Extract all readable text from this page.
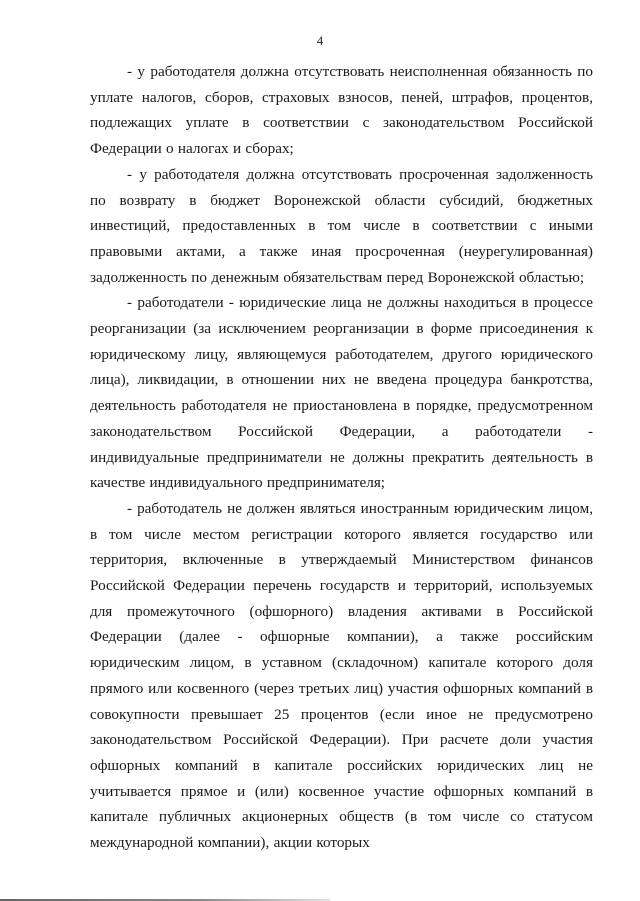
4

- у работодателя должна отсутствовать неисполненная обязанность по уплате налогов, сборов, страховых взносов, пеней, штрафов, процентов, подлежащих уплате в соответствии с законодательством Российской Федерации о налогах и сборах;

- у работодателя должна отсутствовать просроченная задолженность по возврату в бюджет Воронежской области субсидий, бюджетных инвестиций, предоставленных в том числе в соответствии с иными правовыми актами, а также иная просроченная (неурегулированная) задолженность по денежным обязательствам перед Воронежской областью;

- работодатели - юридические лица не должны находиться в процессе реорганизации (за исключением реорганизации в форме присоединения к юридическому лицу, являющемуся работодателем, другого юридического лица), ликвидации, в отношении них не введена процедура банкротства, деятельность работодателя не приостановлена в порядке, предусмотренном законодательством Российской Федерации, а работодатели - индивидуальные предприниматели не должны прекратить деятельность в качестве индивидуального предпринимателя;

- работодатель не должен являться иностранным юридическим лицом, в том числе местом регистрации которого является государство или территория, включенные в утверждаемый Министерством финансов Российской Федерации перечень государств и территорий, используемых для промежуточного (офшорного) владения активами в Российской Федерации (далее - офшорные компании), а также российским юридическим лицом, в уставном (складочном) капитале которого доля прямого или косвенного (через третьих лиц) участия офшорных компаний в совокупности превышает 25 процентов (если иное не предусмотрено законодательством Российской Федерации). При расчете доли участия офшорных компаний в капитале российских юридических лиц не учитывается прямое и (или) косвенное участие офшорных компаний в капитале публичных акционерных обществ (в том числе со статусом международной компании), акции которых
